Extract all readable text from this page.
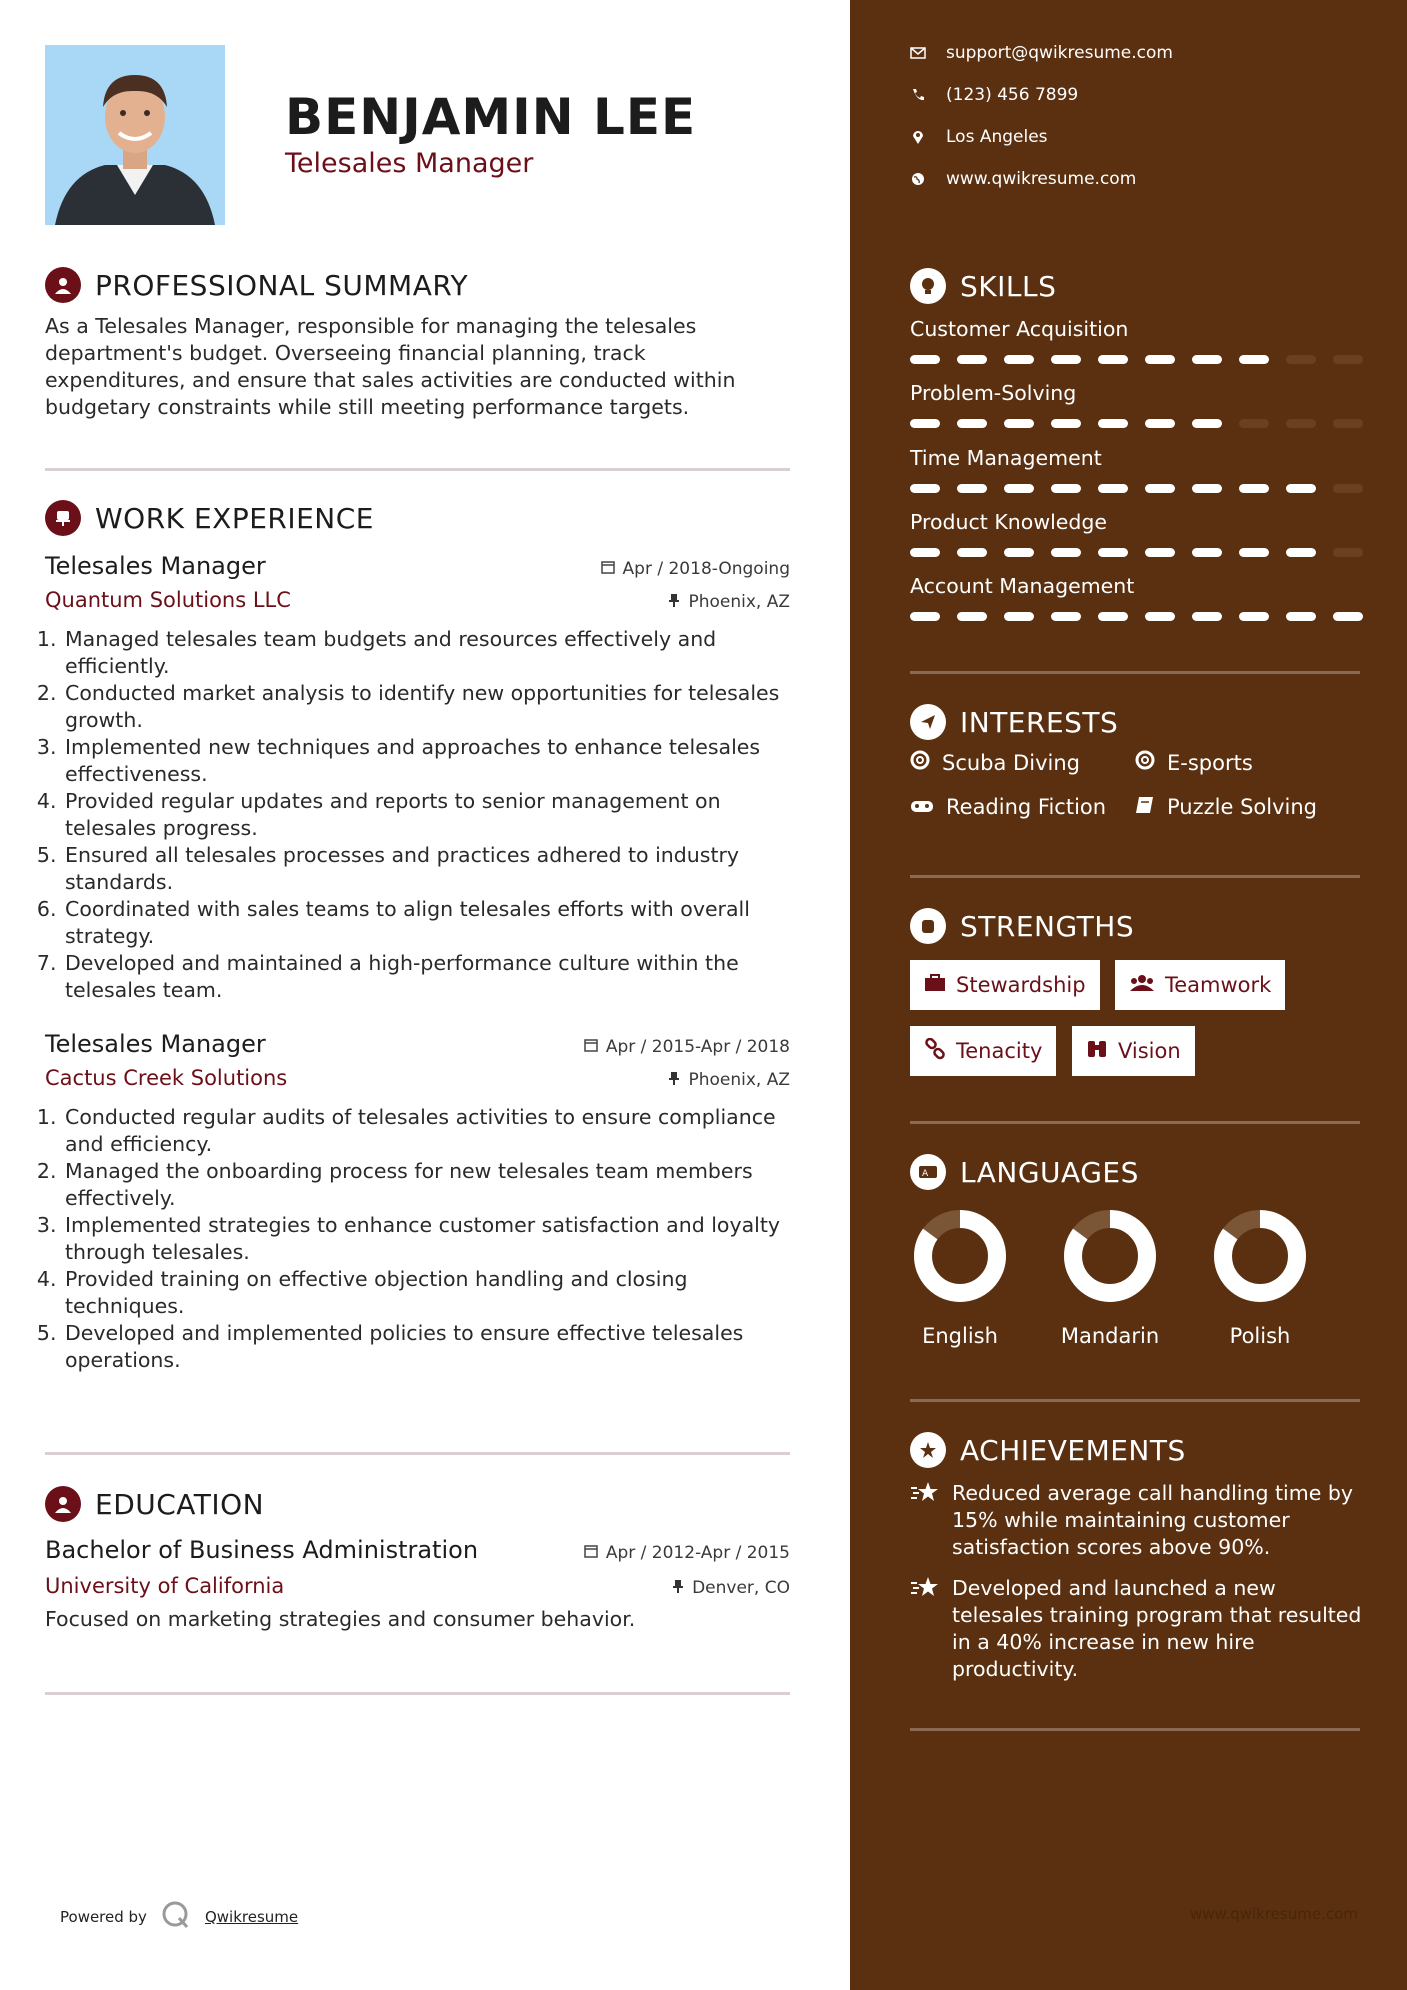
BENJAMIN LEE
Telesales Manager
PROFESSIONAL SUMMARY

As a Telesales Manager, responsible for managing the telesales department's budget. Overseeing financial planning, track expenditures, and ensure that sales activities are conducted within budgetary constraints while still meeting performance targets.

WORK EXPERIENCE
Telesales Manager	Apr / 2018-Ongoing
Quantum Solutions LLC	Phoenix, AZ
1. Managed telesales team budgets and resources effectively and efficiently.
2. Conducted market analysis to identify new opportunities for telesales growth.
3. Implemented new techniques and approaches to enhance telesales effectiveness.
4. Provided regular updates and reports to senior management on telesales progress.
5. Ensured all telesales processes and practices adhered to industry standards.
6. Coordinated with sales teams to align telesales efforts with overall strategy.
7. Developed and maintained a high-performance culture within the telesales team.
Telesales Manager	Apr / 2015-Apr / 2018
Cactus Creek Solutions	Phoenix, AZ
1. Conducted regular audits of telesales activities to ensure compliance and efficiency.
2. Managed the onboarding process for new telesales team members effectively.
3. Implemented strategies to enhance customer satisfaction and loyalty through telesales.
4. Provided training on effective objection handling and closing techniques.
5. Developed and implemented policies to ensure effective telesales operations.
EDUCATION
Bachelor of Business Administration	Apr / 2012-Apr / 2015
University of California	Denver, CO

Focused on marketing strategies and consumer behavior.

Powered by	Qwikresume
support@qwikresume.com
(123) 456 7899
Los Angeles
www.qwikresume.com
SKILLS
Customer Acquisition
Problem-Solving
Time Management
Product Knowledge
Account Management
INTERESTS
Scuba Diving	E-sports
Reading Fiction	Puzzle Solving
STRENGTHS
Stewardship	Teamwork
Tenacity	Vision
A LANGUAGES
English	Mandarin	Polish
ACHIEVEMENTS
Reduced average call handling time by 15% while maintaining customer satisfaction scores above 90%.
Developed and launched a new telesales training program that resulted in a 40% increase in new hire productivity.
www.qwikresume.com
